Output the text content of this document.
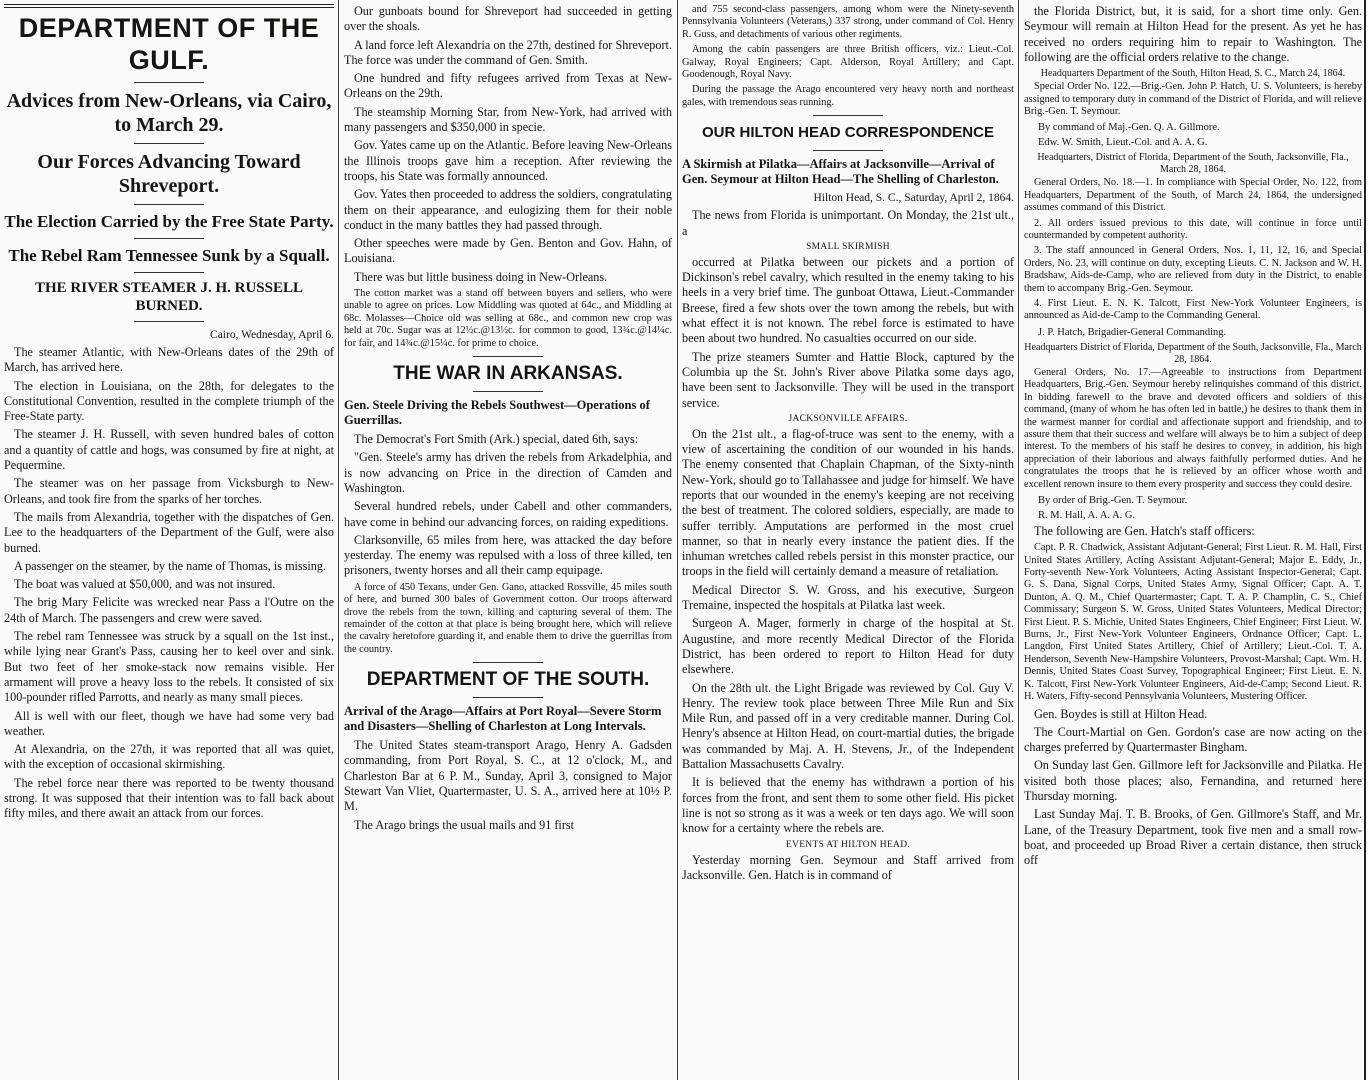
DEPARTMENT OF THE GULF.
Advices from New-Orleans, via Cairo, to March 29.
Our Forces Advancing Toward Shreveport.
The Election Carried by the Free State Party.
The Rebel Ram Tennessee Sunk by a Squall.
THE RIVER STEAMER J. H. RUSSELL BURNED.
Cairo, Wednesday, April 6.

The steamer Atlantic, with New-Orleans dates of the 29th of March, has arrived here.

The election in Louisiana, on the 28th, for delegates to the Constitutional Convention, resulted in the complete triumph of the Free-State party.

The steamer J. H. Russell, with seven hundred bales of cotton and a quantity of cattle and hogs, was consumed by fire at night, at Pequermine.

The steamer was on her passage from Vicksburgh to New-Orleans, and took fire from the sparks of her torches.

The mails from Alexandria, together with the dispatches of Gen. Lee to the headquarters of the Department of the Gulf, were also burned.

A passenger on the steamer, by the name of Thomas, is missing.

The boat was valued at $50,000, and was not insured.

The brig Mary Felicite was wrecked near Pass a l'Outre on the 24th of March. The passengers and crew were saved.

The rebel ram Tennessee was struck by a squall on the 1st inst., while lying near Grant's Pass, causing her to keel over and sink. But two feet of her smoke-stack now remains visible. Her armament will prove a heavy loss to the rebels. It consisted of six 100-pounder rifled Parrotts, and nearly as many small pieces.

All is well with our fleet, though we have had some very bad weather.

At Alexandria, on the 27th, it was reported that all was quiet, with the exception of occasional skirmishing.

The rebel force near there was reported to be twenty thousand strong. It was supposed that their intention was to fall back about fifty miles, and there await an attack from our forces.

Our gunboats bound for Shreveport had succeeded in getting over the shoals.

A land force left Alexandria on the 27th, destined for Shreveport. The force was under the command of Gen. Smith.

One hundred and fifty refugees arrived from Texas at New-Orleans on the 29th.

The steamship Morning Star, from New-York, had arrived with many passengers and $350,000 in specie.

Gov. Yates came up on the Atlantic. Before leaving New-Orleans the Illinois troops gave him a reception. After reviewing the troops, his State was formally announced.

Gov. Yates then proceeded to address the soldiers, congratulating them on their appearance, and eulogizing them for their noble conduct in the many battles they had passed through.

Other speeches were made by Gen. Benton and Gov. Hahn, of Louisiana.

There was but little business doing in New-Orleans.

The cotton market was a stand off between buyers and sellers, who were unable to agree on prices. Low Middling was quoted at 64c., and Middling at 68c. Molasses—Choice old was selling at 68c., and common new crop was held at 70c. Sugar was at 12½c.@13½c. for common to good, 13¾c.@14¼c. for fair, and 14¾c.@15¼c. for prime to choice.

THE WAR IN ARKANSAS.
Gen. Steele Driving the Rebels Southwest—Operations of Guerrillas.

The Democrat's Fort Smith (Ark.) special, dated 6th, says:

"Gen. Steele's army has driven the rebels from Arkadelphia, and is now advancing on Price in the direction of Camden and Washington.

Several hundred rebels, under Cabell and other commanders, have come in behind our advancing forces, on raiding expeditions.

Clarksonville, 65 miles from here, was attacked the day before yesterday. The enemy was repulsed with a loss of three killed, ten prisoners, twenty horses and all their camp equipage.

A force of 450 Texans, under Gen. Gano, attacked Rossville, 45 miles south of here, and burned 300 bales of Government cotton. Our troops afterward drove the rebels from the town, killing and capturing several of them. The remainder of the cotton at that place is being brought here, which will relieve the cavalry heretofore guarding it, and enable them to drive the guerrillas from the country.

DEPARTMENT OF THE SOUTH.
Arrival of the Arago—Affairs at Port Royal—Severe Storm and Disasters—Shelling of Charleston at Long Intervals.

The United States steam-transport Arago, Henry A. Gadsden commanding, from Port Royal, S. C., at 12 o'clock, M., and Charleston Bar at 6 P. M., Sunday, April 3, consigned to Major Stewart Van Vliet, Quartermaster, U. S. A., arrived here at 10½ P. M.

The Arago brings the usual mails and 91 first

and 755 second-class passengers, among whom were the Ninety-seventh Pennsylvania Volunteers (Veterans,) 337 strong, under command of Col. Henry R. Guss, and detachments of various other regiments.

Among the cabin passengers are three British officers, viz.: Lieut.-Col. Galway, Royal Engineers; Capt. Alderson, Royal Artillery; and Capt. Goodenough, Royal Navy.

During the passage the Arago encountered very heavy north and northeast gales, with tremendous seas running.

OUR HILTON HEAD CORRESPONDENCE
A Skirmish at Pilatka—Affairs at Jacksonville—Arrival of Gen. Seymour at Hilton Head—The Shelling of Charleston.
Hilton Head, S. C., Saturday, April 2, 1864.

The news from Florida is unimportant. On Monday, the 21st ult., a

SMALL SKIRMISH

occurred at Pilatka between our pickets and a portion of Dickinson's rebel cavalry, which resulted in the enemy taking to his heels in a very brief time. The gunboat Ottawa, Lieut.-Commander Breese, fired a few shots over the town among the rebels, but with what effect it is not known. The rebel force is estimated to have been about two hundred. No casualties occurred on our side.

The prize steamers Sumter and Hattie Block, captured by the Columbia up the St. John's River above Pilatka some days ago, have been sent to Jacksonville. They will be used in the transport service.

JACKSONVILLE AFFAIRS.

On the 21st ult., a flag-of-truce was sent to the enemy, with a view of ascertaining the condition of our wounded in his hands. The enemy consented that Chaplain Chapman, of the Sixty-ninth New-York, should go to Tallahassee and judge for himself. We have reports that our wounded in the enemy's keeping are not receiving the best of treatment. The colored soldiers, especially, are made to suffer terribly. Amputations are performed in the most cruel manner, so that in nearly every instance the patient dies. If the inhuman wretches called rebels persist in this monster practice, our troops in the field will certainly demand a measure of retaliation.

Medical Director S. W. Gross, and his executive, Surgeon Tremaine, inspected the hospitals at Pilatka last week.

Surgeon A. Mager, formerly in charge of the hospital at St. Augustine, and more recently Medical Director of the Florida District, has been ordered to report to Hilton Head for duty elsewhere.

On the 28th ult. the Light Brigade was reviewed by Col. Guy V. Henry. The review took place between Three Mile Run and Six Mile Run, and passed off in a very creditable manner. During Col. Henry's absence at Hilton Head, on court-martial duties, the brigade was commanded by Maj. A. H. Stevens, Jr., of the Independent Battalion Massachusetts Cavalry.

It is believed that the enemy has withdrawn a portion of his forces from the front, and sent them to some other field. His picket line is not so strong as it was a week or ten days ago. We will soon know for a certainty where the rebels are.

EVENTS AT HILTON HEAD.

Yesterday morning Gen. Seymour and Staff arrived from Jacksonville. Gen. Hatch is in command of

the Florida District, but, it is said, for a short time only. Gen. Seymour will remain at Hilton Head for the present. As yet he has received no orders requiring him to repair to Washington. The following are the official orders relative to the change.

Headquarters Department of the South, Hilton Head, S. C., March 24, 1864.

Special Order No. 122.—Brig.-Gen. John P. Hatch, U. S. Volunteers, is hereby assigned to temporary duty in command of the District of Florida, and will relieve Brig.-Gen. T. Seymour.

By command of Maj.-Gen. Q. A. Gillmore.
Edw. W. Smith, Lieut.-Col. and A. A. G.
Headquarters, District of Florida, Department of the South, Jacksonville, Fla., March 28, 1864.

General Orders, No. 18.—1. In compliance with Special Order, No. 122, from Headquarters, Department of the South, of March 24, 1864, the undersigned assumes command of this District.

2. All orders issued previous to this date, will continue in force until countermanded by competent authority.

3. The staff announced in General Orders, Nos. 1, 11, 12, 16, and Special Orders, No. 23, will continue on duty, excepting Lieuts. C. N. Jackson and W. H. Bradshaw, Aids-de-Camp, who are relieved from duty in the District, to enable them to accompany Brig.-Gen. Seymour.

4. First Lieut. E. N. K. Talcott, First New-York Volunteer Engineers, is announced as Aid-de-Camp to the Commanding General.

J. P. Hatch, Brigadier-General Commanding.
Headquarters District of Florida, Department of the South, Jacksonville, Fla., March 28, 1864.

General Orders, No. 17.—Agreeable to instructions from Department Headquarters, Brig.-Gen. Seymour hereby relinquishes command of this district. In bidding farewell to the brave and devoted officers and soldiers of this command, (many of whom he has often led in battle,) he desires to thank them in the warmest manner for cordial and affectionate support and friendship, and to assure them that their success and welfare will always be to him a subject of deep interest. To the members of his staff he desires to convey, in addition, his high appreciation of their laborious and always faithfully performed duties. And he congratulates the troops that he is relieved by an officer whose worth and excellent renown insure to them every prosperity and success they could desire.

By order of Brig.-Gen. T. Seymour.
R. M. Hall, A. A. A. G.

The following are Gen. Hatch's staff officers:

Capt. P. R. Chadwick, Assistant Adjutant-General; First Lieut. R. M. Hall, First United States Artillery, Acting Assistant Adjutant-General; Major E. Eddy, Jr., Forty-seventh New-York Volunteers, Acting Assistant Inspector-General; Capt. G. S. Dana, Signal Corps, United States Army, Signal Officer; Capt. A. T. Dunton, A. Q. M., Chief Quartermaster; Capt. T. A. P. Champlin, C. S., Chief Commissary; Surgeon S. W. Gross, United States Volunteers, Medical Director; First Lieut. P. S. Michie, United States Engineers, Chief Engineer; First Lieut. W. Burns, Jr., First New-York Volunteer Engineers, Ordnance Officer; Capt. L. Langdon, First United States Artillery, Chief of Artillery; Lieut.-Col. T. A. Henderson, Seventh New-Hampshire Volunteers, Provost-Marshal; Capt. Wm. H. Dennis, United States Coast Survey, Topographical Engineer; First Lieut. E. N. K. Talcott, First New-York Volunteer Engineers, Aid-de-Camp; Second Lieut. R. H. Waters, Fifty-second Pennsylvania Volunteers, Mustering Officer.

Gen. Boydes is still at Hilton Head.

The Court-Martial on Gen. Gordon's case are now acting on the charges preferred by Quartermaster Bingham.

On Sunday last Gen. Gillmore left for Jacksonville and Pilatka. He visited both those places; also, Fernandina, and returned here Thursday morning.

Last Sunday Maj. T. B. Brooks, of Gen. Gillmore's Staff, and Mr. Lane, of the Treasury Department, took five men and a small row-boat, and proceeded up Broad River a certain distance, then struck off
